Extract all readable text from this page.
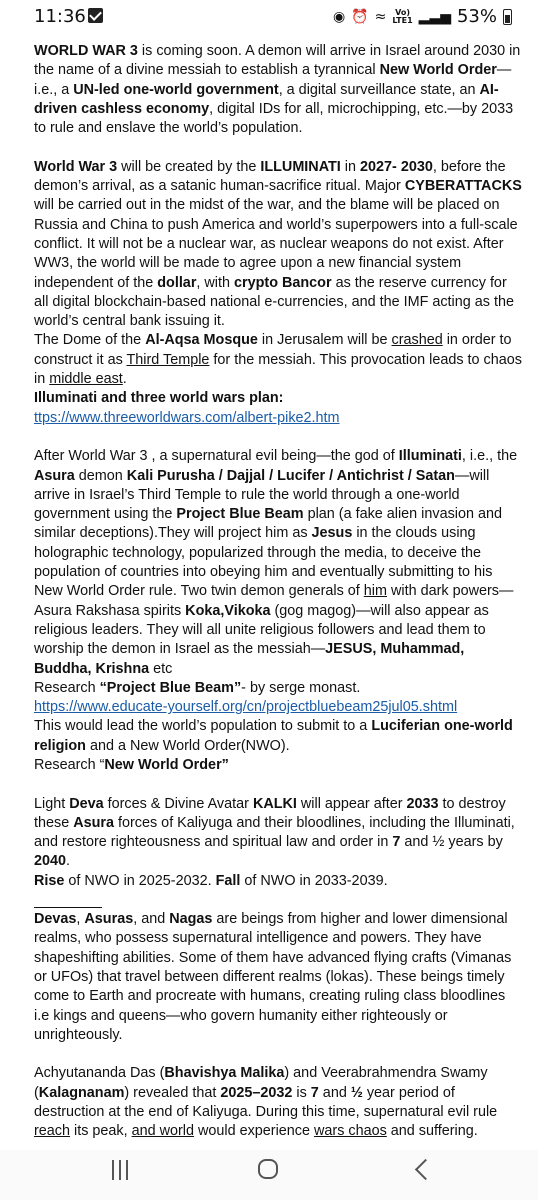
11:36	◉ ⏰ ≈	Vo)
LTE1 ▂▃▅ 53%

WORLD WAR 3 is coming soon. A demon will arrive in Israel around 2030 in the name of a divine messiah to establish a tyrannical New World Order—i.e., a UN-led one-world government, a digital surveillance state, an AI-driven cashless economy, digital IDs for all, microchipping, etc.—by 2033 to rule and enslave the world’s population.

World War 3 will be created by the ILLUMINATI in 2027- 2030, before the demon’s arrival, as a satanic human-sacrifice ritual. Major CYBERATTACKS will be carried out in the midst of the war, and the blame will be placed on Russia and China to push America and world’s superpowers into a full-scale conflict. It will not be a nuclear war, as nuclear weapons do not exist. After WW3, the world will be made to agree upon a new financial system independent of the dollar, with crypto Bancor as the reserve currency for all digital blockchain-based national e-currencies, and the IMF acting as the world’s central bank issuing it.

The Dome of the Al-Aqsa Mosque in Jerusalem will be crashed in order to construct it as Third Temple for the messiah. This provocation leads to chaos in middle east.

Illuminati and three world wars plan:

ttps://www.threeworldwars.com/albert-pike2.htm

After World War 3 , a supernatural evil being—the god of Illuminati, i.e., the Asura demon Kali Purusha / Dajjal / Lucifer / Antichrist / Satan—will arrive in Israel’s Third Temple to rule the world through a one-world government using the Project Blue Beam plan (a fake alien invasion and similar deceptions).They will project him as Jesus in the clouds using holographic technology, popularized through the media, to deceive the population of countries into obeying him and eventually submitting to his New World Order rule. Two twin demon generals of him with dark powers—Asura Rakshasa spirits Koka,Vikoka (gog magog)—will also appear as religious leaders. They will all unite religious followers and lead them to worship the demon in Israel as the messiah—JESUS, Muhammad, Buddha, Krishna etc

Research “Project Blue Beam”- by serge monast.

https://www.educate-yourself.org/cn/projectbluebeam25jul05.shtml

This would lead the world’s population to submit to a Luciferian one-world religion and a New World Order(NWO).

Research “New World Order”

Light Deva forces & Divine Avatar KALKI will appear after 2033 to destroy these Asura forces of Kaliyuga and their bloodlines, including the Illuminati, and restore righteousness and spiritual law and order in 7 and ½ years by 2040.

Rise of NWO in 2025-2032. Fall of NWO in 2033-2039.

Devas, Asuras, and Nagas are beings from higher and lower dimensional realms, who possess supernatural intelligence and powers. They have shapeshifting abilities. Some of them have advanced flying crafts (Vimanas or UFOs) that travel between different realms (lokas). These beings timely come to Earth and procreate with humans, creating ruling class bloodlines i.e kings and queens—who govern humanity either righteously or unrighteously.

Achyutananda Das (Bhavishya Malika) and Veerabrahmendra Swamy (Kalagnanam) revealed that 2025–2032 is 7 and ½ year period of destruction at the end of Kaliyuga. During this time, supernatural evil rule reach its peak, and world would experience wars chaos and suffering.
